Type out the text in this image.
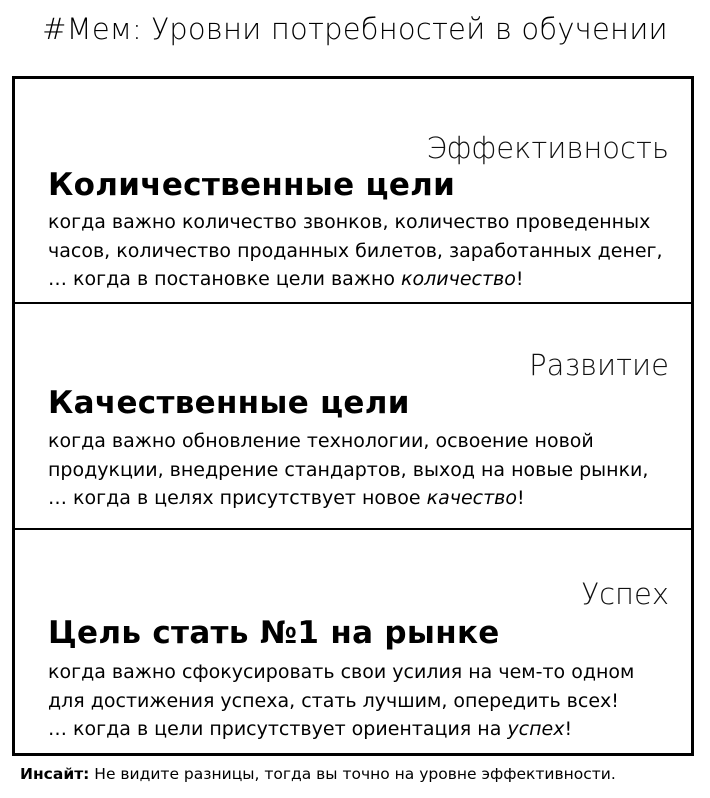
#Мем: Уровни потребностей в обучении
Эффективность
Количественные цели
когда важно количество звонков, количество проведенных
часов, количество проданных билетов, заработанных денег,
… когда в постановке цели важно количество!
Развитие
Качественные цели
когда важно обновление технологии, освоение новой
продукции, внедрение стандартов, выход на новые рынки,
… когда в целях присутствует новое качество!
Успех
Цель стать №1 на рынке
когда важно сфокусировать свои усилия на чем-то одном
для достижения успеха, стать лучшим, опередить всех!
… когда в цели присутствует ориентация на успех!
Инсайт: Не видите разницы, тогда вы точно на уровне эффективности.
